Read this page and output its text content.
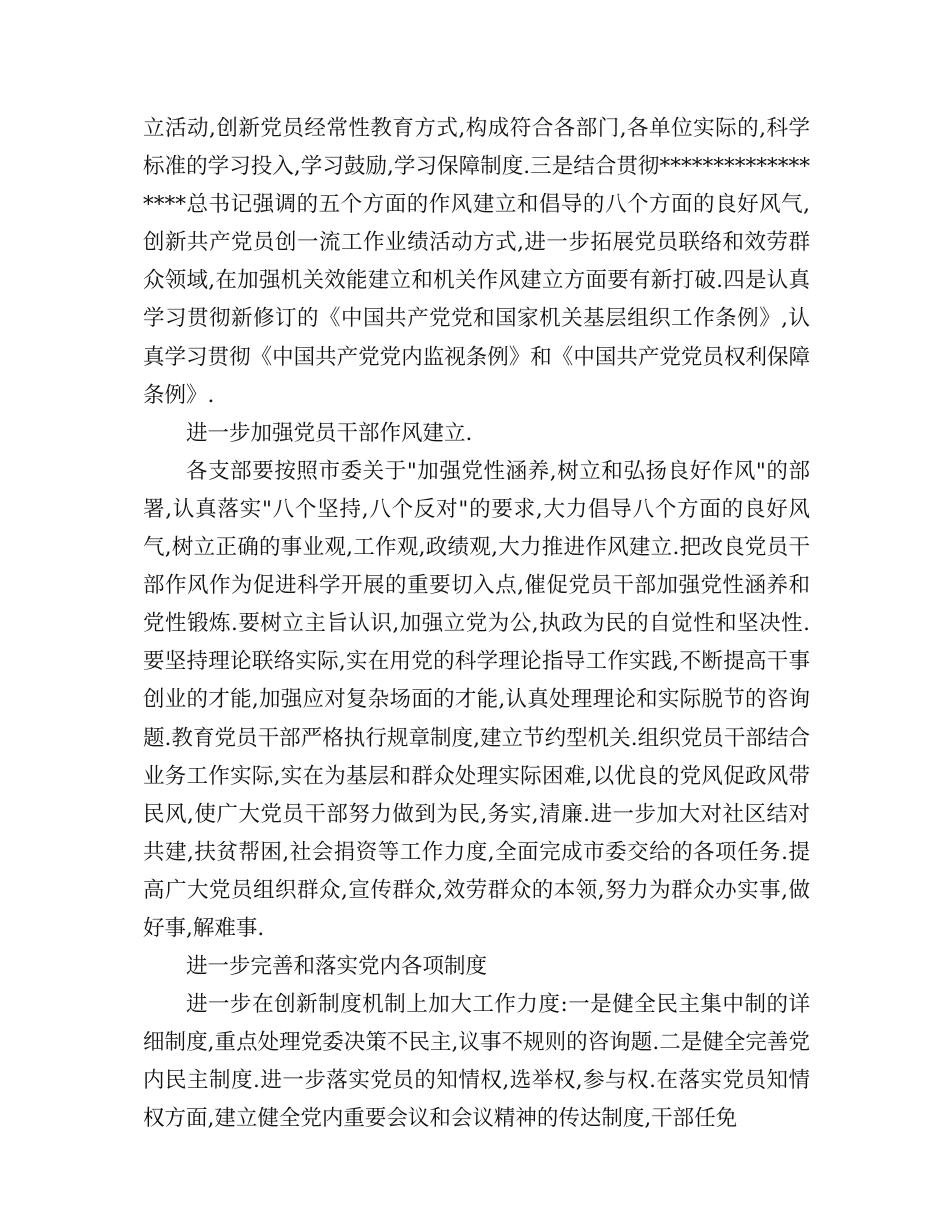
立活动,创新党员经常性教育方式,构成符合各部门,各单位实际的,科学标准的学习投入,学习鼓励,学习保障制度.三是结合贯彻******************总书记强调的五个方面的作风建立和倡导的八个方面的良好风气,创新共产党员创一流工作业绩活动方式,进一步拓展党员联络和效劳群众领域,在加强机关效能建立和机关作风建立方面要有新打破.四是认真学习贯彻新修订的《中国共产党党和国家机关基层组织工作条例》,认真学习贯彻《中国共产党党内监视条例》和《中国共产党党员权利保障条例》.

进一步加强党员干部作风建立.

各支部要按照市委关于"加强党性涵养,树立和弘扬良好作风"的部署,认真落实"八个坚持,八个反对"的要求,大力倡导八个方面的良好风气,树立正确的事业观,工作观,政绩观,大力推进作风建立.把改良党员干部作风作为促进科学开展的重要切入点,催促党员干部加强党性涵养和党性锻炼.要树立主旨认识,加强立党为公,执政为民的自觉性和坚决性.要坚持理论联络实际,实在用党的科学理论指导工作实践,不断提高干事创业的才能,加强应对复杂场面的才能,认真处理理论和实际脱节的咨询题.教育党员干部严格执行规章制度,建立节约型机关.组织党员干部结合业务工作实际,实在为基层和群众处理实际困难,以优良的党风促政风带民风,使广大党员干部努力做到为民,务实,清廉.进一步加大对社区结对共建,扶贫帮困,社会捐资等工作力度,全面完成市委交给的各项任务.提高广大党员组织群众,宣传群众,效劳群众的本领,努力为群众办实事,做好事,解难事.

进一步完善和落实党内各项制度

进一步在创新制度机制上加大工作力度:一是健全民主集中制的详细制度,重点处理党委决策不民主,议事不规则的咨询题.二是健全完善党内民主制度.进一步落实党员的知情权,选举权,参与权.在落实党员知情权方面,建立健全党内重要会议和会议精神的传达制度,干部任免
